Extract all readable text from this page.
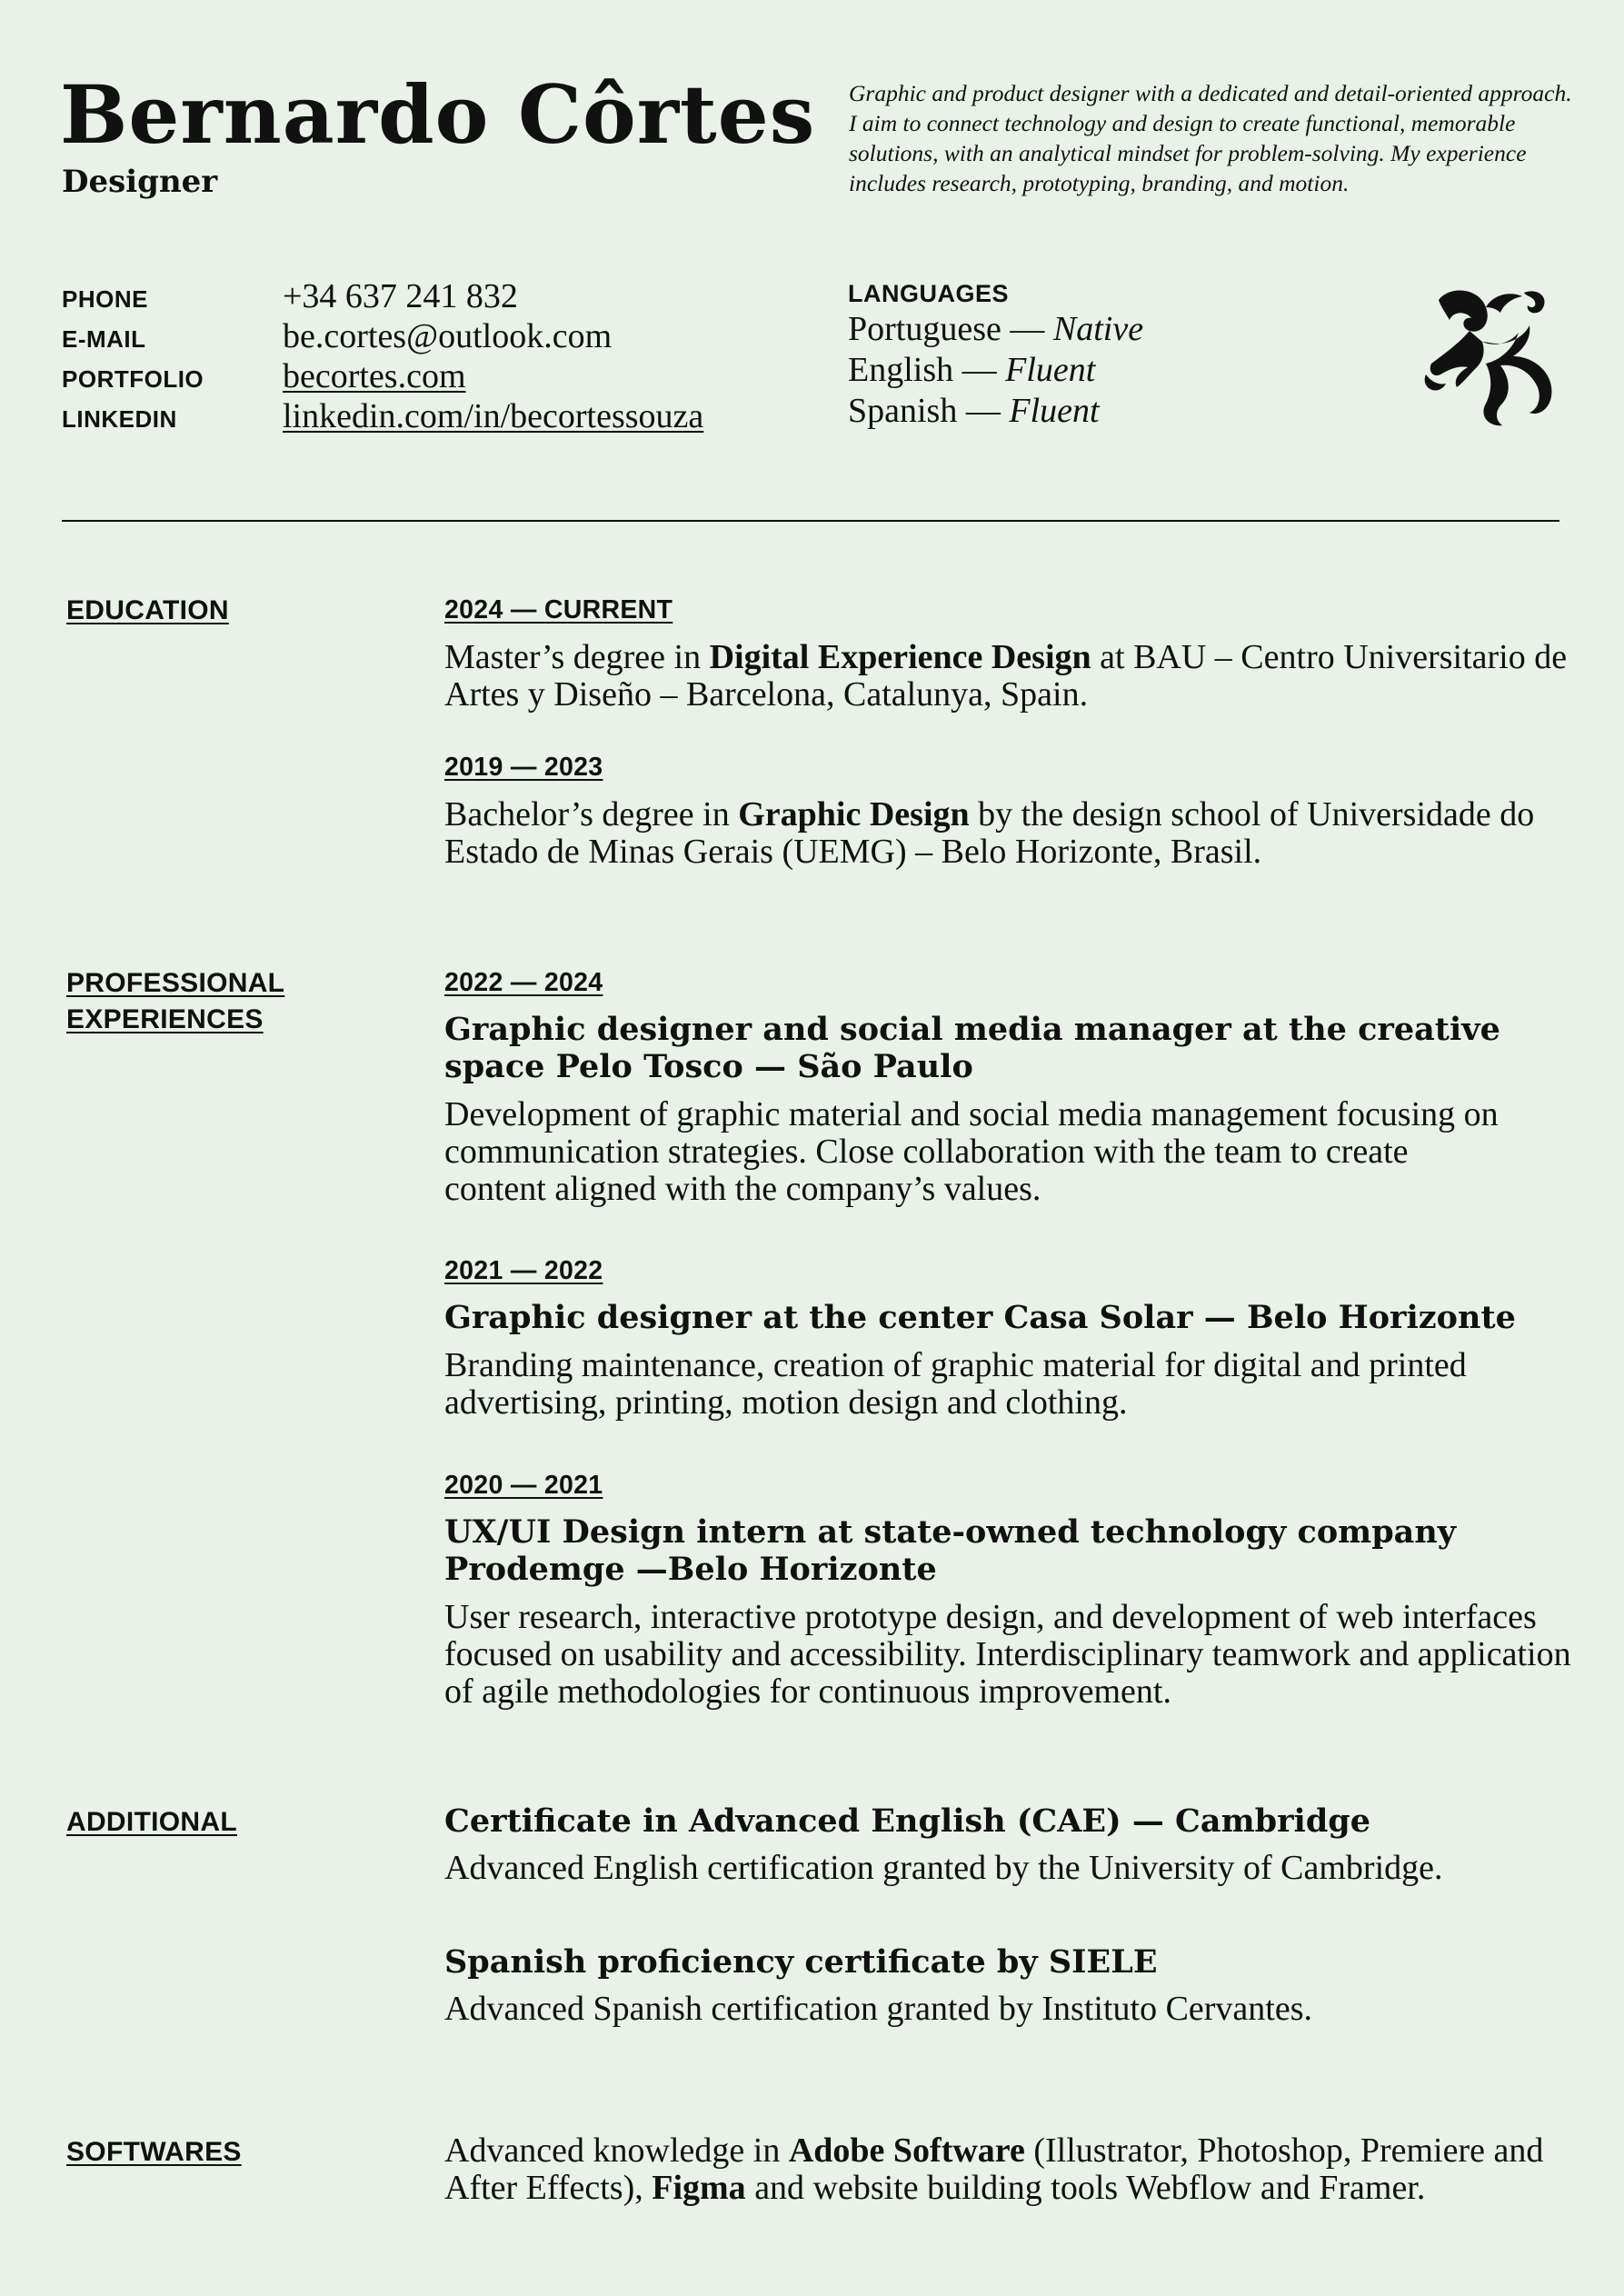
Bernardo Côrtes
Designer
Graphic and product designer with a dedicated and detail-oriented approach. I aim to connect technology and design to create functional, memorable solutions, with an analytical mindset for problem-solving. My experience includes research, prototyping, branding, and motion.
PHONE	+34 637 241 832
E-MAIL	be.cortes@outlook.com
PORTFOLIO	becortes.com
LINKEDIN	linkedin.com/in/becortessouza
LANGUAGES
Portuguese — Native
English — Fluent
Spanish — Fluent
EDUCATION	2024 — CURRENT
Master’s degree in Digital Experience Design at BAU – Centro Universitario de Artes y Diseño – Barcelona, Catalunya, Spain.
2019 — 2023
Bachelor’s degree in Graphic Design by the design school of Universidade do Estado de Minas Gerais (UEMG) – Belo Horizonte, Brasil.
PROFESSIONAL
EXPERIENCES
2022 — 2024
Graphic designer and social media manager at the creative space Pelo Tosco — São Paulo
Development of graphic material and social media management focusing on communication strategies. Close collaboration with the team to create content aligned with the company’s values.
2021 — 2022
Graphic designer at the center Casa Solar — Belo Horizonte
Branding maintenance, creation of graphic material for digital and printed advertising, printing, motion design and clothing.
2020 — 2021
UX/UI Design intern at state-owned technology company Prodemge —Belo Horizonte
User research, interactive prototype design, and development of web interfaces focused on usability and accessibility. Interdisciplinary teamwork and application of agile methodologies for continuous improvement.
ADDITIONAL	Certificate in Advanced English (CAE) — Cambridge
Advanced English certification granted by the University of Cambridge.
Spanish proficiency certificate by SIELE
Advanced Spanish certification granted by Instituto Cervantes.
SOFTWARES	Advanced knowledge in Adobe Software (Illustrator, Photoshop, Premiere and After Effects), Figma and website building tools Webflow and Framer.
